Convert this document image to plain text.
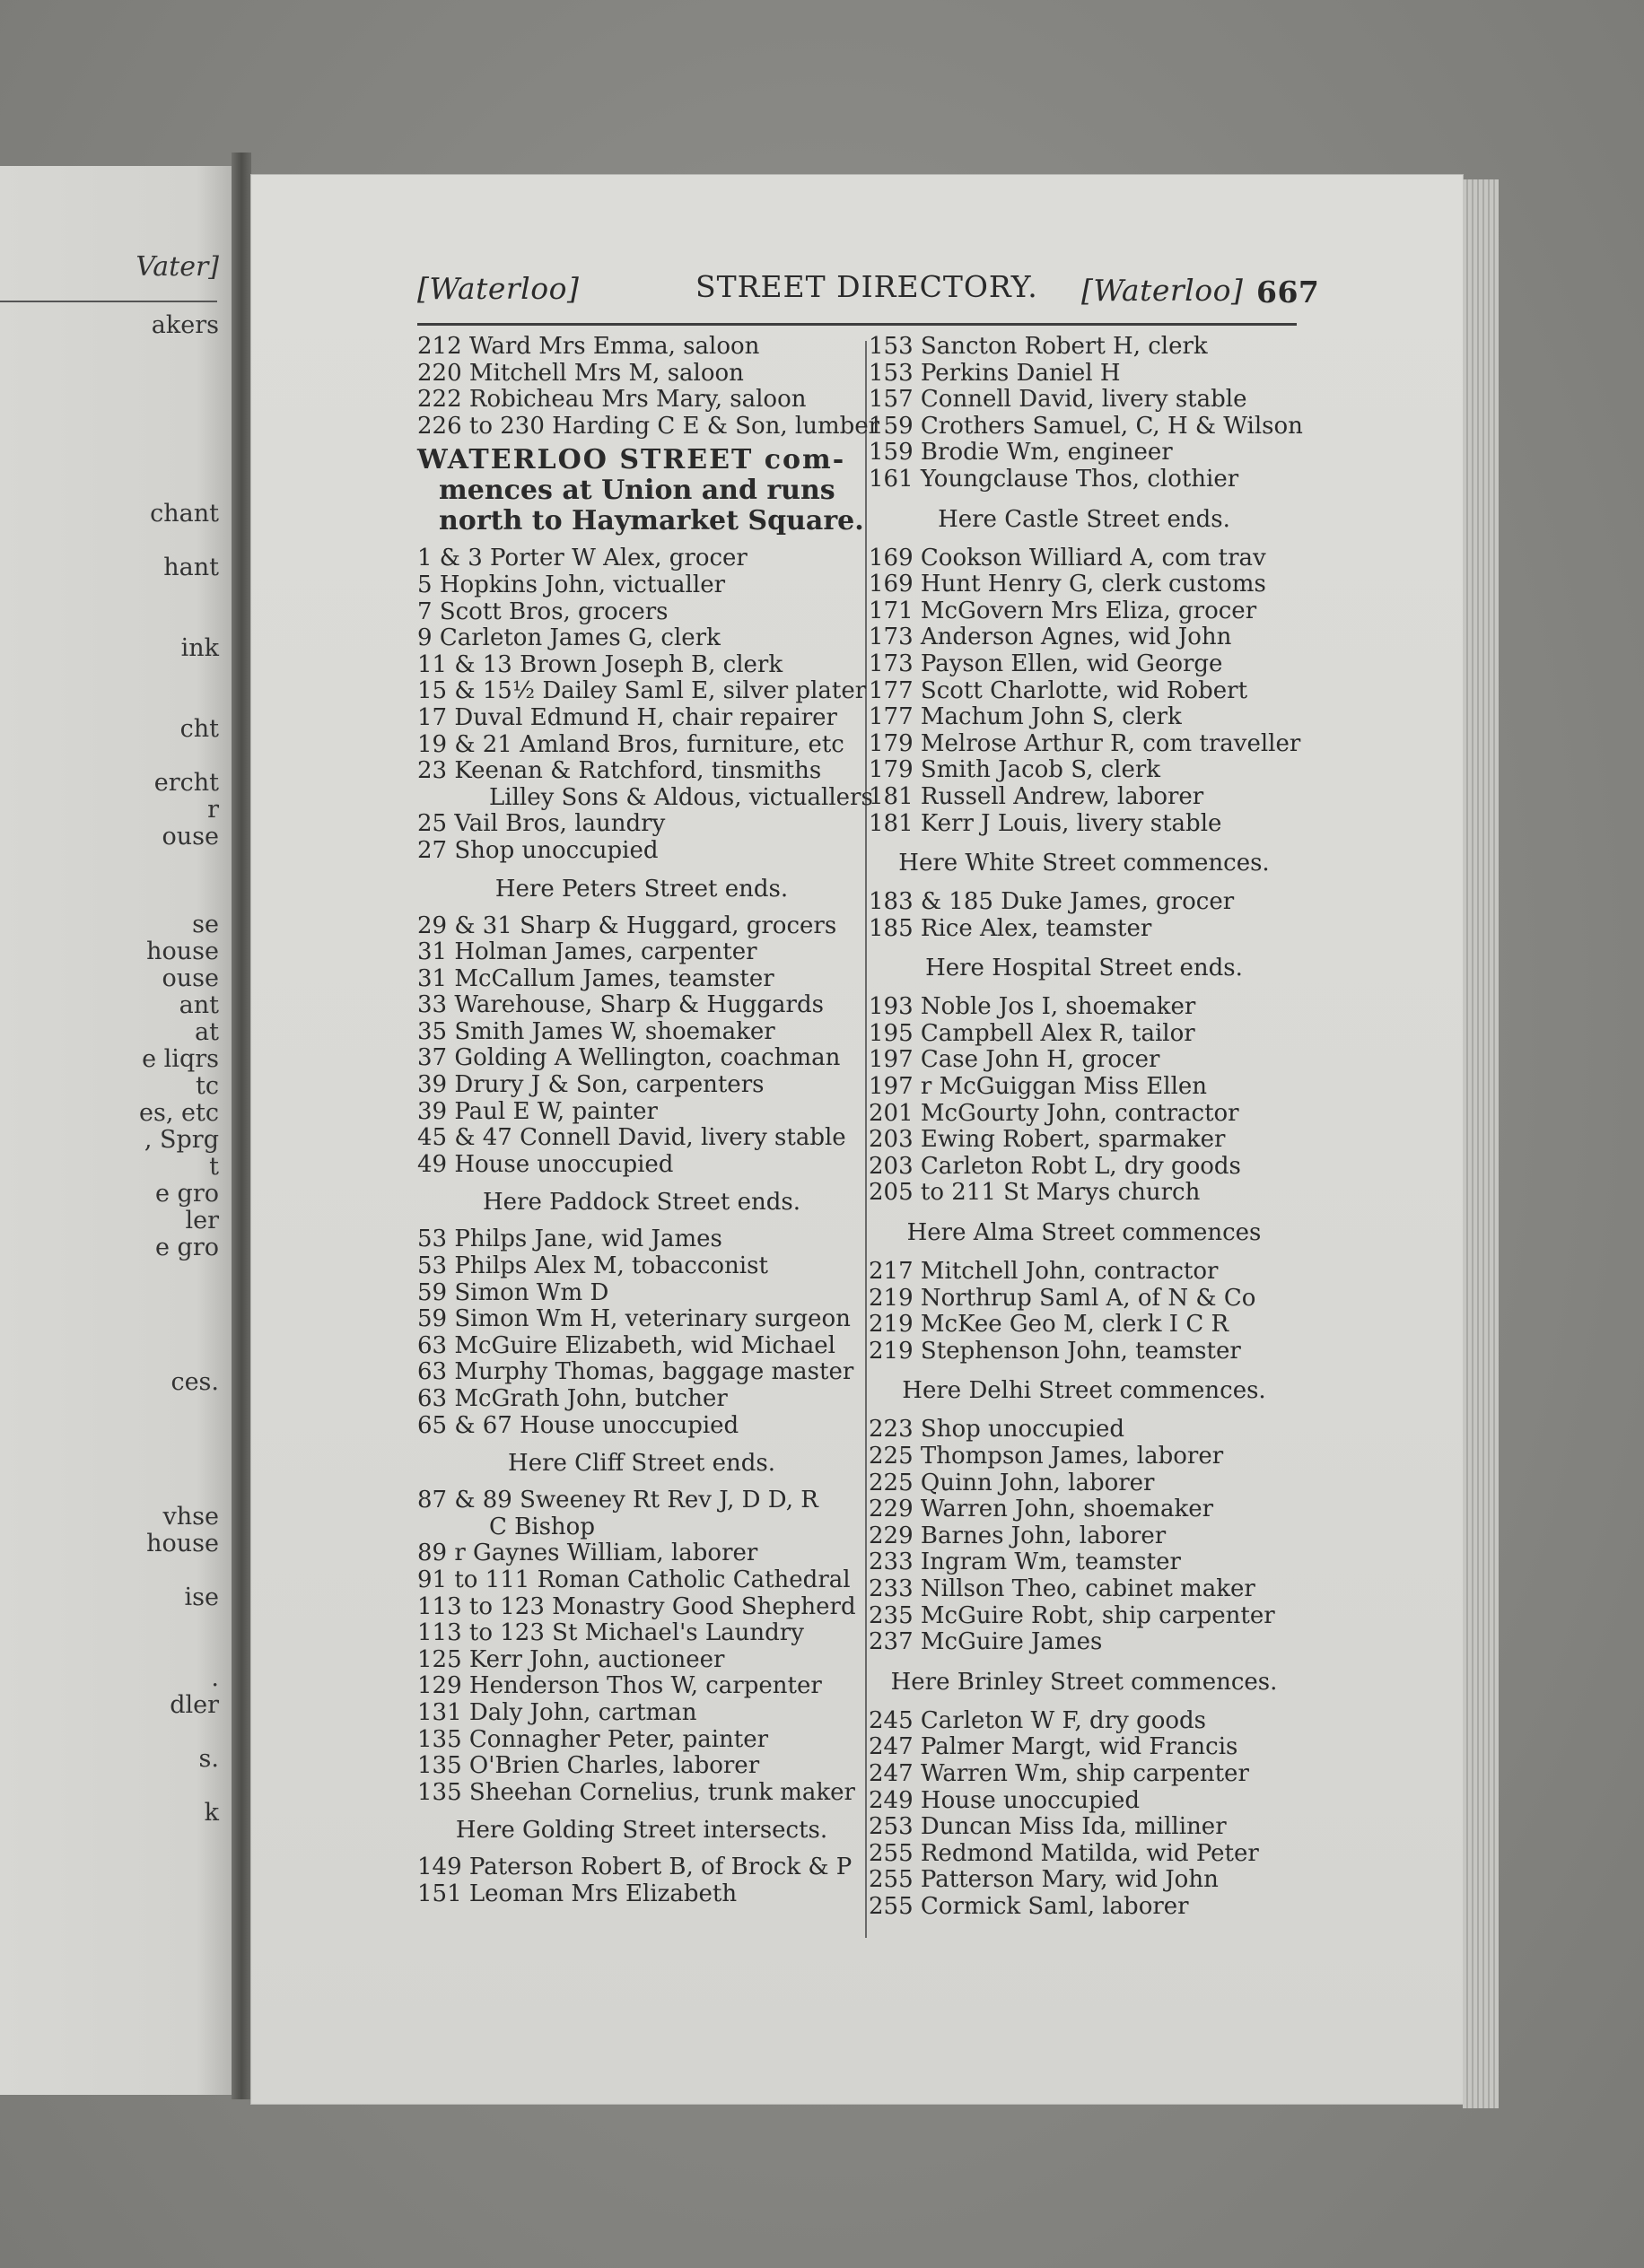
Vater]
akers
chant
hant
ink
cht
ercht
r
ouse
se
house
ouse
ant
at
e liqrs
tc
es, etc
, Sprg
t
e gro
ler
e gro
ces.
vhse
house
ise
.
dler
s.
k
[Waterloo]	STREET DIRECTORY. [Waterloo] 667
212 Ward Mrs Emma, saloon
220 Mitchell Mrs M, saloon
222 Robicheau Mrs Mary, saloon
226 to 230 Harding C E & Son, lumber
WATERLOO STREET com-
mences at Union and runs
north to Haymarket Square.
1 & 3 Porter W Alex, grocer
5 Hopkins John, victualler
7 Scott Bros, grocers
9 Carleton James G, clerk
11 & 13 Brown Joseph B, clerk
15 & 15½ Dailey Saml E, silver plater
17 Duval Edmund H, chair repairer
19 & 21 Amland Bros, furniture, etc
23 Keenan & Ratchford, tinsmiths
Lilley Sons & Aldous, victuallers
25 Vail Bros, laundry
27 Shop unoccupied
Here Peters Street ends.
29 & 31 Sharp & Huggard, grocers
31 Holman James, carpenter
31 McCallum James, teamster
33 Warehouse, Sharp & Huggards
35 Smith James W, shoemaker
37 Golding A Wellington, coachman
39 Drury J & Son, carpenters
39 Paul E W, painter
45 & 47 Connell David, livery stable
49 House unoccupied
Here Paddock Street ends.
53 Philps Jane, wid James
53 Philps Alex M, tobacconist
59 Simon Wm D
59 Simon Wm H, veterinary surgeon
63 McGuire Elizabeth, wid Michael
63 Murphy Thomas, baggage master
63 McGrath John, butcher
65 & 67 House unoccupied
Here Cliff Street ends.
87 & 89 Sweeney Rt Rev J, D D, R
C Bishop
89 r Gaynes William, laborer
91 to 111 Roman Catholic Cathedral
113 to 123 Monastry Good Shepherd
113 to 123 St Michael's Laundry
125 Kerr John, auctioneer
129 Henderson Thos W, carpenter
131 Daly John, cartman
135 Connagher Peter, painter
135 O'Brien Charles, laborer
135 Sheehan Cornelius, trunk maker
Here Golding Street intersects.
149 Paterson Robert B, of Brock & P
151 Leoman Mrs Elizabeth
153 Sancton Robert H, clerk
153 Perkins Daniel H
157 Connell David, livery stable
159 Crothers Samuel, C, H & Wilson
159 Brodie Wm, engineer
161 Youngclause Thos, clothier
Here Castle Street ends.
169 Cookson Williard A, com trav
169 Hunt Henry G, clerk customs
171 McGovern Mrs Eliza, grocer
173 Anderson Agnes, wid John
173 Payson Ellen, wid George
177 Scott Charlotte, wid Robert
177 Machum John S, clerk
179 Melrose Arthur R, com traveller
179 Smith Jacob S, clerk
181 Russell Andrew, laborer
181 Kerr J Louis, livery stable
Here White Street commences.
183 & 185 Duke James, grocer
185 Rice Alex, teamster
Here Hospital Street ends.
193 Noble Jos I, shoemaker
195 Campbell Alex R, tailor
197 Case John H, grocer
197 r McGuiggan Miss Ellen
201 McGourty John, contractor
203 Ewing Robert, sparmaker
203 Carleton Robt L, dry goods
205 to 211 St Marys church
Here Alma Street commences
217 Mitchell John, contractor
219 Northrup Saml A, of N & Co
219 McKee Geo M, clerk I C R
219 Stephenson John, teamster
Here Delhi Street commences.
223 Shop unoccupied
225 Thompson James, laborer
225 Quinn John, laborer
229 Warren John, shoemaker
229 Barnes John, laborer
233 Ingram Wm, teamster
233 Nillson Theo, cabinet maker
235 McGuire Robt, ship carpenter
237 McGuire James
Here Brinley Street commences.
245 Carleton W F, dry goods
247 Palmer Margt, wid Francis
247 Warren Wm, ship carpenter
249 House unoccupied
253 Duncan Miss Ida, milliner
255 Redmond Matilda, wid Peter
255 Patterson Mary, wid John
255 Cormick Saml, laborer
